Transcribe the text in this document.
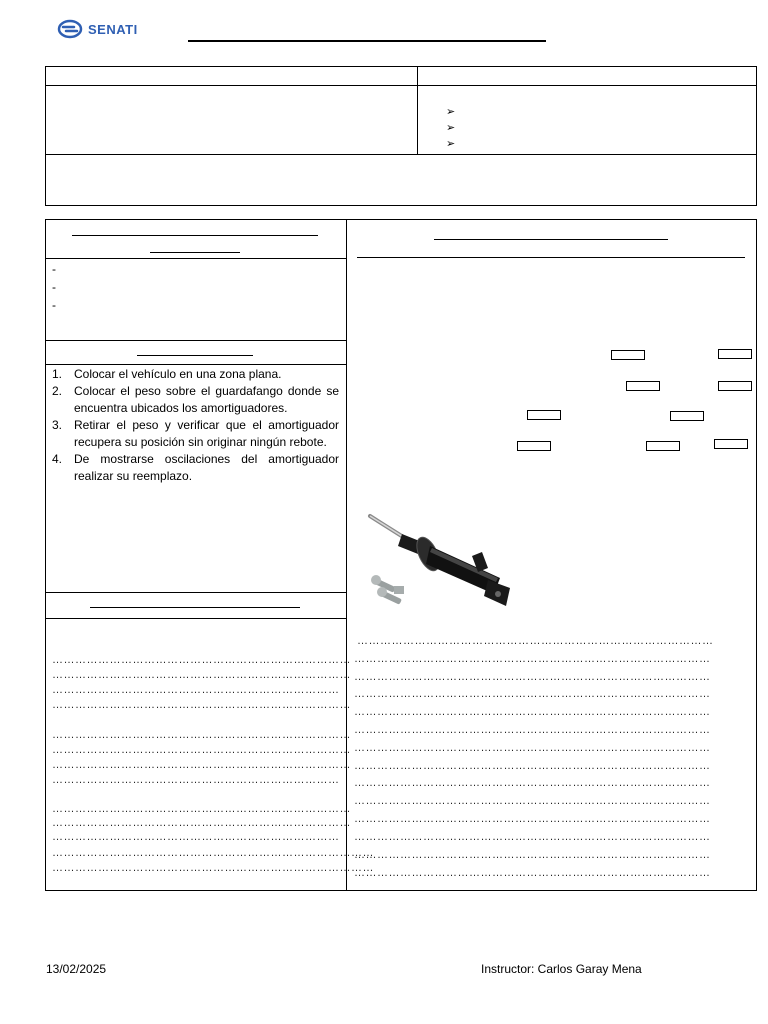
SENATI
➢
➢
➢
-
-
-
1. Colocar el vehículo en una zona plana.
2. Colocar el peso sobre el guardafango donde se encuentra ubicados los amortiguadores.
3. Retirar el peso y verificar que el amortiguador recupera su posición sin originar ningún rebote.
4. De mostrarse oscilaciones del amortiguador realizar su reemplazo.
……………………………………………………………………
……………………………………………………………………
…………………………………………………………………
……………………………………………………………………
……………………………………………………………………
……………………………………………………………………
……………………………………………………………………
…………………………………………………………………
……………………………………………………………………
……………………………………………………………………
…………………………………………………………………
…………………………………………………………………………
…………………………………………………………………………
…………………………………………………………………………………
…………………………………………………………………………………
…………………………………………………………………………………
…………………………………………………………………………………
…………………………………………………………………………………
…………………………………………………………………………………
…………………………………………………………………………………
…………………………………………………………………………………
…………………………………………………………………………………
…………………………………………………………………………………
…………………………………………………………………………………
…………………………………………………………………………………
…………………………………………………………………………………
…………………………………………………………………………………
13/02/2025	Instructor: Carlos Garay Mena
